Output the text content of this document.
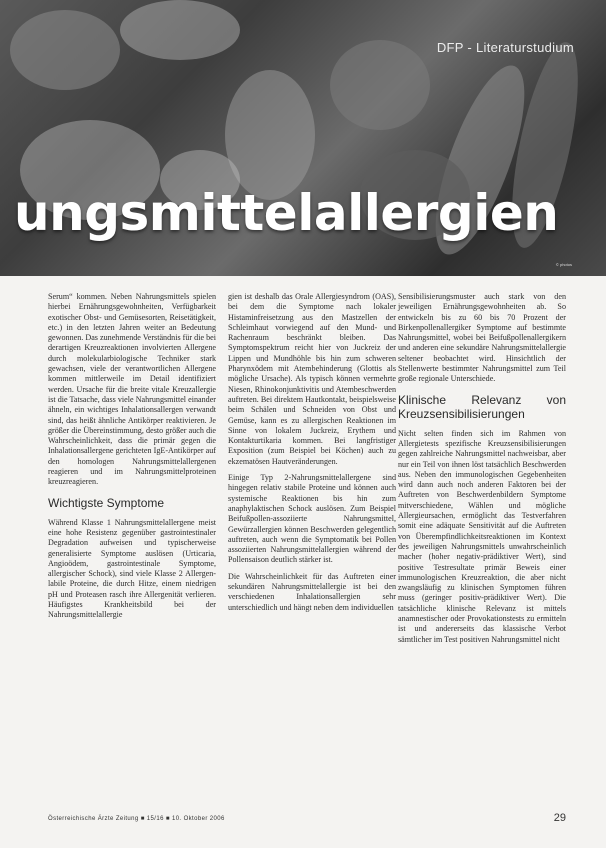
DFP - Literaturstudium
ungsmittelallergien
© photos

Serum“ kommen. Neben Nahrungsmittels spielen hierbei Ernährungsgewohnheiten, Verfügbarkeit exotischer Obst- und Gemüsesorten, Reisetätigkeit, etc.) in den letzten Jahren weiter an Bedeutung gewonnen. Das zunehmende Verständnis für die bei derartigen Kreuzreaktionen involvierten Allergene durch molekularbiologische Techniker stark gewachsen, viele der verantwortlichen Allergene kommen mittlerweile im Detail identifiziert werden. Ursache für die breite vitale Kreuzallergie ist die Tatsache, dass viele Nahrungsmittel einander ähneln, ein wichtiges Inhalationsallergen verwandt sind, das heißt ähnliche Antikörper reaktivieren. Je größer die Übereinstimmung, desto größer auch die Wahrscheinlichkeit, dass die primär gegen die Inhalationsallergene gerichteten IgE-Antikörper auf den homologen Nahrungsmittelallergenen reagieren und im Nahrungsmittelproteinen kreuzreagieren.

Wichtigste Symptome

Während Klasse 1 Nahrungsmittelallergene meist eine hohe Resistenz gegenüber gastrointestinaler Degradation aufweisen und typischerweise generalisierte Symptome auslösen (Urticaria, Angioödem, gastrointestinale Symptome, allergischer Schock), sind viele Klasse 2 Allergen-labile Proteine, die durch Hitze, einem niedrigen pH und Proteasen rasch ihre Allergenität verlieren. Häufigstes Krankheitsbild bei der Nahrungsmittelallergie

gien ist deshalb das Orale Allergiesyndrom (OAS), bei dem die Symptome nach lokaler Histaminfreisetzung aus den Mastzellen der Schleimhaut vorwiegend auf den Mund- und Rachenraum beschränkt bleiben. Das Symptomspektrum reicht hier von Juckreiz der Lippen und Mundhöhle bis hin zum schweren Pharynxödem mit Atembehinderung (Glottis als mögliche Ursache). Als typisch können vermehrte Niesen, Rhinokonjunktivitis und Atembeschwerden auftreten. Bei direktem Hautkontakt, beispielsweise beim Schälen und Schneiden von Obst und Gemüse, kann es zu allergischen Reaktionen im Sinne von lokalem Juckreiz, Erythem und Kontakturtikaria kommen. Bei langfristiger Exposition (zum Beispiel bei Köchen) auch zu ekzematösen Hautveränderungen.

Einige Typ 2-Nahrungsmittelallergene sind hingegen relativ stabile Proteine und können auch systemische Reaktionen bis hin zum anaphylaktischen Schock auslösen. Zum Beispiel Beifußpollen-assoziierte Nahrungsmittel, Gewürzallergien können Beschwerden gelegentlich auftreten, auch wenn die Symptomatik bei Pollen assoziierten Nahrungsmittelallergien während der Pollensaison deutlich stärker ist.

Die Wahrscheinlichkeit für das Auftreten einer sekundären Nahrungsmittelallergie ist bei den verschiedenen Inhalationsallergien sehr unterschiedlich und hängt neben dem individuellen

Sensibilisierungsmuster auch stark von den jeweiligen Ernährungsgewohnheiten ab. So entwickeln bis zu 60 bis 70 Prozent der Birkenpollenallergiker Symptome auf bestimmte Nahrungsmittel, wobei bei Beifußpollenallergikern und anderen eine sekundäre Nahrungsmittelallergie seltener beobachtet wird. Hinsichtlich der Stellenwerte bestimmter Nahrungsmittel zum Teil große regionale Unterschiede.

Klinische Relevanz von Kreuzsensibilisierungen

Nicht selten finden sich im Rahmen von Allergietests spezifische Kreuzsensibilisierungen gegen zahlreiche Nahrungsmittel nachweisbar, aber nur ein Teil von ihnen löst tatsächlich Beschwerden aus. Neben den immunologischen Gegebenheiten wird dann auch noch anderen Faktoren bei der Auftreten von Beschwerdenbildern Symptome mitverschiedene, Wählen und mögliche Allergieursachen, ermöglicht das Testverfahren somit eine adäquate Sensitivität auf die Auftreten von Überempfindlichkeitsreaktionen im Kontext des jeweiligen Nahrungsmittels unwahrscheinlich macher (hoher negativ-prädiktiver Wert), sind positive Testresultate primär Beweis einer immunologischen Kreuzreaktion, die aber nicht zwangsläufig zu klinischen Symptomen führen muss (geringer positiv-prädiktiver Wert). Die tatsächliche klinische Relevanz ist mittels anamnestischer oder Provokationstests zu ermitteln ist und andererseits das klassische Verbot sämtlicher im Test positiven Nahrungsmittel nicht

Österreichische Ärzte Zeitung ■ 15/16 ■ 10. Oktober 2006	29
